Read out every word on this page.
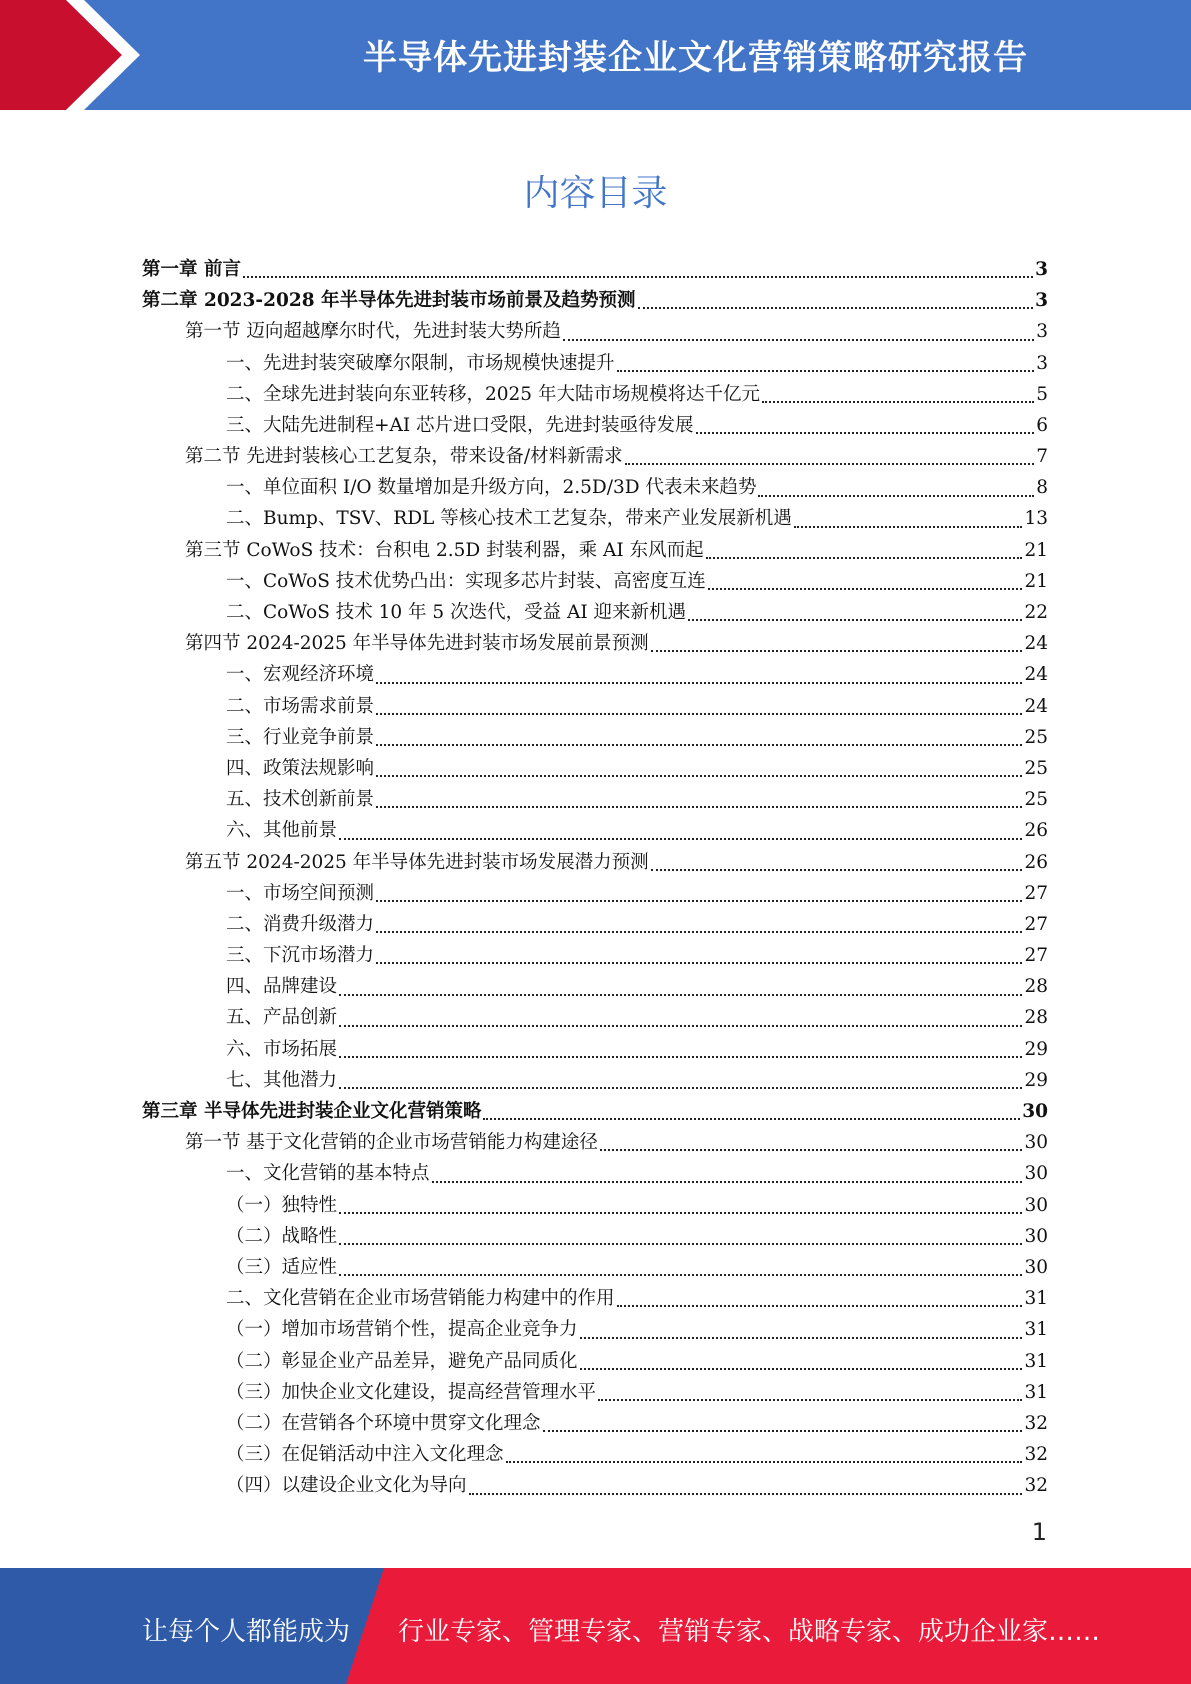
半导体先进封装企业文化营销策略研究报告
内容目录
第一章 前言	3
第二章 2023-2028 年半导体先进封装市场前景及趋势预测	3
第一节 迈向超越摩尔时代，先进封装大势所趋	3
一、先进封装突破摩尔限制，市场规模快速提升	3
二、全球先进封装向东亚转移，2025 年大陆市场规模将达千亿元	5
三、大陆先进制程+AI 芯片进口受限，先进封装亟待发展	6
第二节 先进封装核心工艺复杂，带来设备/材料新需求	7
一、单位面积 I/O 数量增加是升级方向，2.5D/3D 代表未来趋势	8
二、Bump、TSV、RDL 等核心技术工艺复杂，带来产业发展新机遇	13
第三节 CoWoS 技术：台积电 2.5D 封装利器，乘 AI 东风而起	21
一、CoWoS 技术优势凸出：实现多芯片封装、高密度互连	21
二、CoWoS 技术 10 年 5 次迭代，受益 AI 迎来新机遇	22
第四节 2024-2025 年半导体先进封装市场发展前景预测	24
一、宏观经济环境	24
二、市场需求前景	24
三、行业竞争前景	25
四、政策法规影响	25
五、技术创新前景	25
六、其他前景	26
第五节 2024-2025 年半导体先进封装市场发展潜力预测	26
一、市场空间预测	27
二、消费升级潜力	27
三、下沉市场潜力	27
四、品牌建设	28
五、产品创新	28
六、市场拓展	29
七、其他潜力	29
第三章 半导体先进封装企业文化营销策略	30
第一节 基于文化营销的企业市场营销能力构建途径	30
一、文化营销的基本特点	30
（一）独特性	30
（二）战略性	30
（三）适应性	30
二、文化营销在企业市场营销能力构建中的作用	31
（一）增加市场营销个性，提高企业竞争力	31
（二）彰显企业产品差异，避免产品同质化	31
（三）加快企业文化建设，提高经营管理水平	31
（二）在营销各个环境中贯穿文化理念	32
（三）在促销活动中注入文化理念	32
（四）以建设企业文化为导向	32
1
让每个人都能成为 行业专家、管理专家、营销专家、战略专家、成功企业家……
